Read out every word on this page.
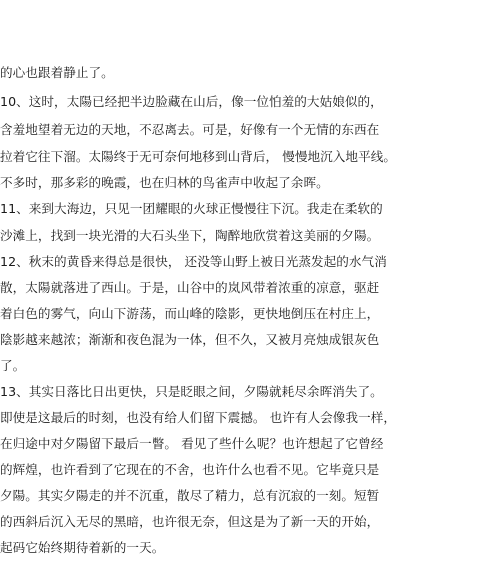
的心也跟着静止了。
10、这时，太陽已经把半边脸藏在山后，像一位怕羞的大姑娘似的，
含羞地望着无边的天地，不忍离去。可是，好像有一个无情的东西在
拉着它往下溜。太陽终于无可奈何地移到山背后， 慢慢地沉入地平线。
不多时，那多彩的晚霞，也在归林的鸟雀声中收起了余晖。
11、来到大海边，只见一团耀眼的火球正慢慢往下沉。我走在柔软的
沙滩上，找到一块光滑的大石头坐下，陶醉地欣赏着这美丽的夕陽。
12、秋末的黄昏来得总是很快， 还没等山野上被日光蒸发起的水气消
散，太陽就落进了西山。于是，山谷中的岚风带着浓重的凉意，驱赶
着白色的雾气，向山下游荡，而山峰的陰影，更快地倒压在村庄上，
陰影越来越浓；渐渐和夜色混为一体，但不久，又被月亮烛成银灰色
了。
13、其实日落比日出更快，只是眨眼之间，夕陽就耗尽余晖消失了。
即使是这最后的时刻，也没有给人们留下震撼。 也许有人会像我一样，
在归途中对夕陽留下最后一瞥。 看见了些什么呢？也许想起了它曾经
的辉煌，也许看到了它现在的不舍，也许什么也看不见。它毕竟只是
夕陽。其实夕陽走的并不沉重，散尽了精力，总有沉寂的一刻。短暂
的西斜后沉入无尽的黑暗，也许很无奈，但这是为了新一天的开始，
起码它始终期待着新的一天。
